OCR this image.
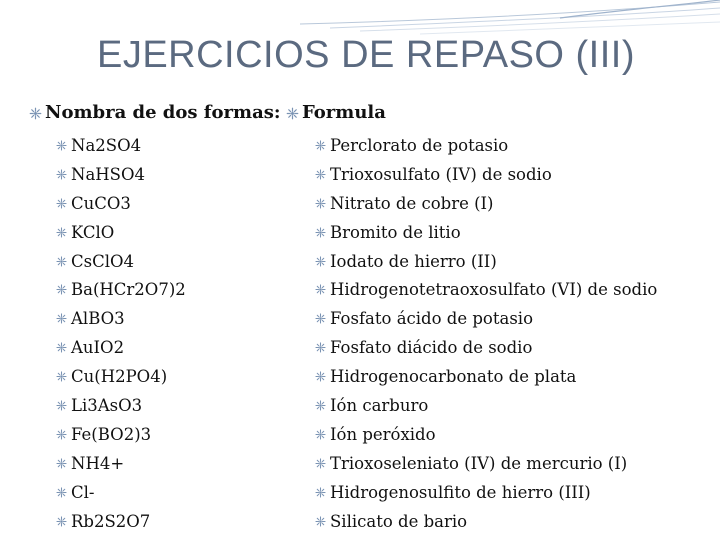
EJERCICIOS DE REPASO (III)
Nombra de dos formas: Formula
Na2SO4
NaHSO4
CuCO3
KClO
CsClO4
Ba(HCr2O7)2
AlBO3
AuIO2
Cu(H2PO4)
Li3AsO3
Fe(BO2)3
NH4+
Cl-
Rb2S2O7
Perclorato de potasio
Trioxosulfato (IV) de sodio
Nitrato de cobre (I)
Bromito de litio
Iodato de hierro (II)
Hidrogenotetraoxosulfato (VI) de sodio
Fosfato ácido de potasio
Fosfato diácido de sodio
Hidrogenocarbonato de plata
Ión carburo
Ión peróxido
Trioxoseleniato (IV) de mercurio (I)
Hidrogenosulfito de hierro (III)
Silicato de bario
